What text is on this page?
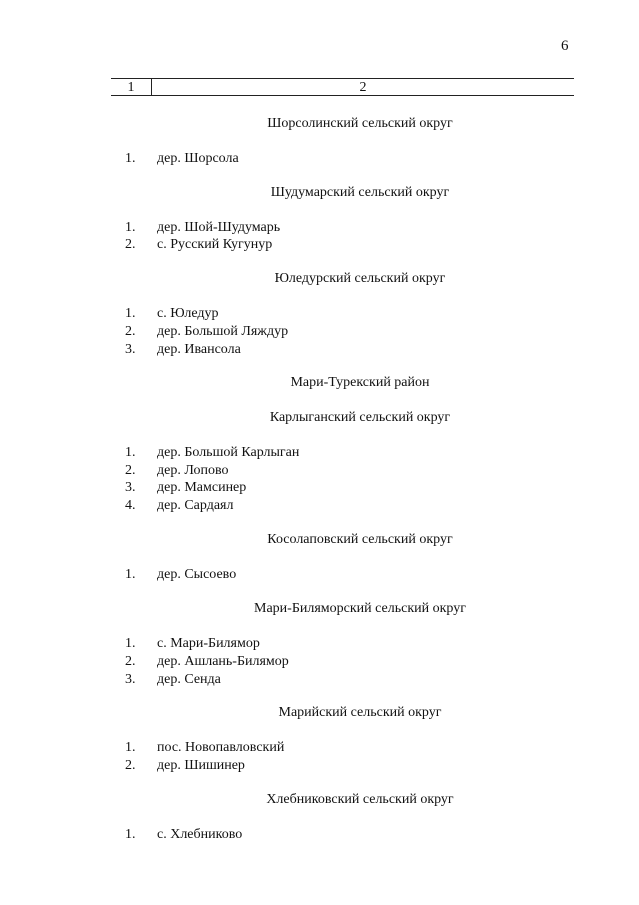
6
1	2
Шорсолинский сельский округ
1. дер. Шорсола
Шудумарский сельский округ
1. дер. Шой-Шудумарь
2. с. Русский Кугунур
Юледурский сельский округ
1. с. Юледур
2. дер. Большой Ляждур
3. дер. Ивансола
Мари-Турекский район
Карлыганский сельский округ
1. дер. Большой Карлыган
2. дер. Лопово
3. дер. Мамсинер
4. дер. Сардаял
Косолаповский сельский округ
1. дер. Сысоево
Мари-Биляморский сельский округ
1. с. Мари-Билямор
2. дер. Ашлань-Билямор
3. дер. Сенда
Марийский сельский округ
1. пос. Новопавловский
2. дер. Шишинер
Хлебниковский сельский округ
1. с. Хлебниково
